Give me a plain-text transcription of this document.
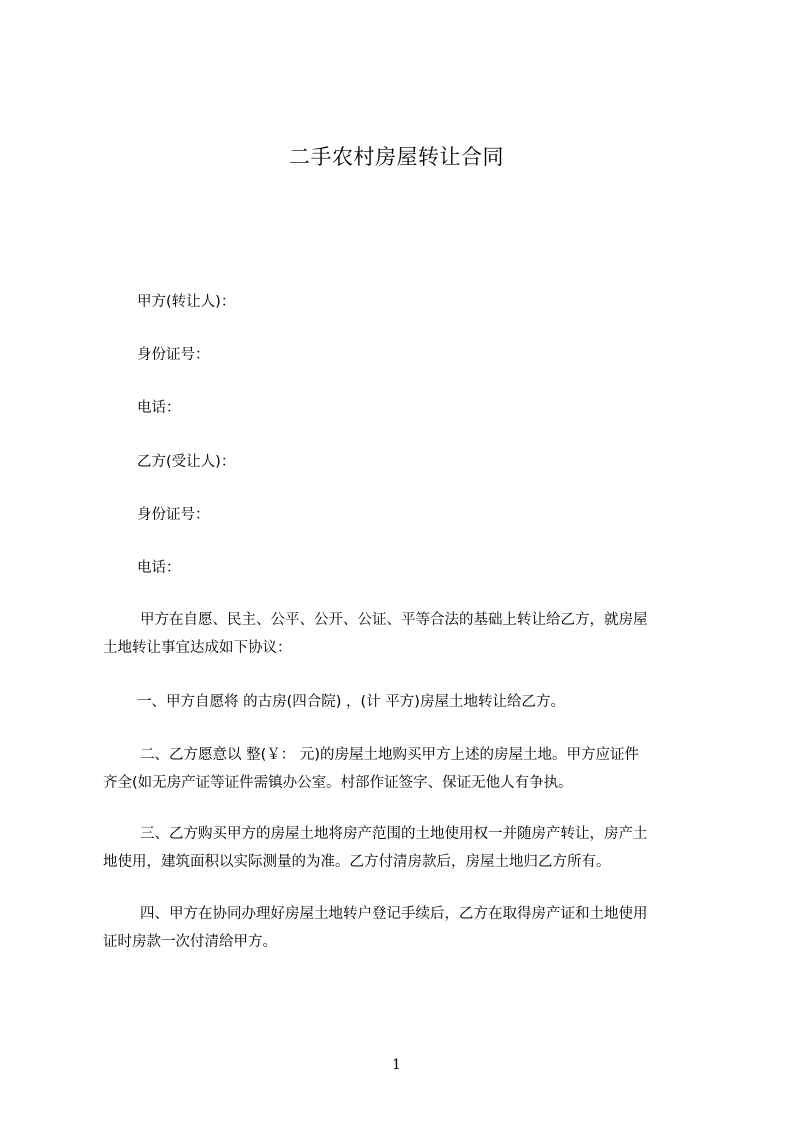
二手农村房屋转让合同
甲方(转让人)：
身份证号：
电话：
乙方(受让人)：
身份证号：
电话：
甲方在自愿、民主、公平、公开、公证、平等合法的基础上转让给乙方，就房屋
土地转让事宜达成如下协议：
一、甲方自愿将 的古房(四合院) ，(计 平方)房屋土地转让给乙方。
二、乙方愿意以 整(￥： 元)的房屋土地购买甲方上述的房屋土地。甲方应证件
齐全(如无房产证等证件需镇办公室。村部作证签字、保证无他人有争执。
三、乙方购买甲方的房屋土地将房产范围的土地使用权一并随房产转让，房产土
地使用，建筑面积以实际测量的为准。乙方付清房款后，房屋土地归乙方所有。
四、甲方在协同办理好房屋土地转户登记手续后，乙方在取得房产证和土地使用
证时房款一次付清给甲方。
1
